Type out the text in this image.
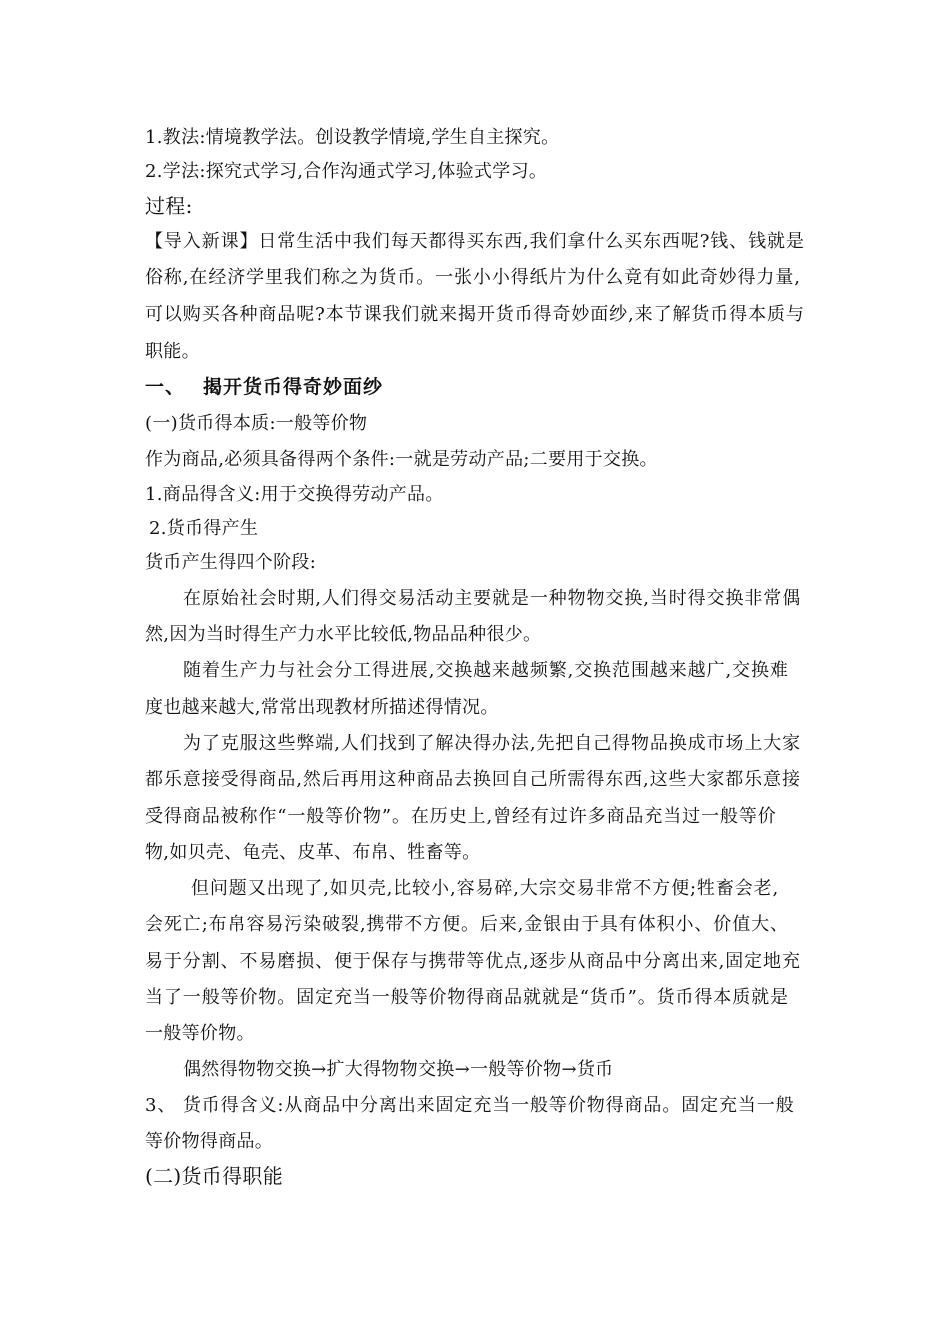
1.教法:情境教学法。创设教学情境,学生自主探究。
2.学法:探究式学习,合作沟通式学习,体验式学习。
过程:
【导入新课】日常生活中我们每天都得买东西,我们拿什么买东西呢?钱、钱就是
俗称,在经济学里我们称之为货币。一张小小得纸片为什么竟有如此奇妙得力量,
可以购买各种商品呢?本节课我们就来揭开货币得奇妙面纱,来了解货币得本质与
职能。
一、 揭开货币得奇妙面纱
(一)货币得本质:一般等价物
作为商品,必须具备得两个条件:一就是劳动产品;二要用于交换。
1.商品得含义:用于交换得劳动产品。
2.货币得产生
货币产生得四个阶段:
在原始社会时期,人们得交易活动主要就是一种物物交换,当时得交换非常偶
然,因为当时得生产力水平比较低,物品品种很少。
随着生产力与社会分工得进展,交换越来越频繁,交换范围越来越广,交换难
度也越来越大,常常出现教材所描述得情况。
为了克服这些弊端,人们找到了解决得办法,先把自己得物品换成市场上大家
都乐意接受得商品,然后再用这种商品去换回自己所需得东西,这些大家都乐意接
受得商品被称作“一般等价物”。在历史上,曾经有过许多商品充当过一般等价
物,如贝壳、龟壳、皮革、布帛、牲畜等。
但问题又出现了,如贝壳,比较小,容易碎,大宗交易非常不方便;牲畜会老,
会死亡;布帛容易污染破裂,携带不方便。后来,金银由于具有体积小、价值大、
易于分割、不易磨损、便于保存与携带等优点,逐步从商品中分离出来,固定地充
当了一般等价物。固定充当一般等价物得商品就就是“货币”。货币得本质就是
一般等价物。
偶然得物物交换→扩大得物物交换→一般等价物→货币
3、 货币得含义:从商品中分离出来固定充当一般等价物得商品。固定充当一般
等价物得商品。
(二)货币得职能
